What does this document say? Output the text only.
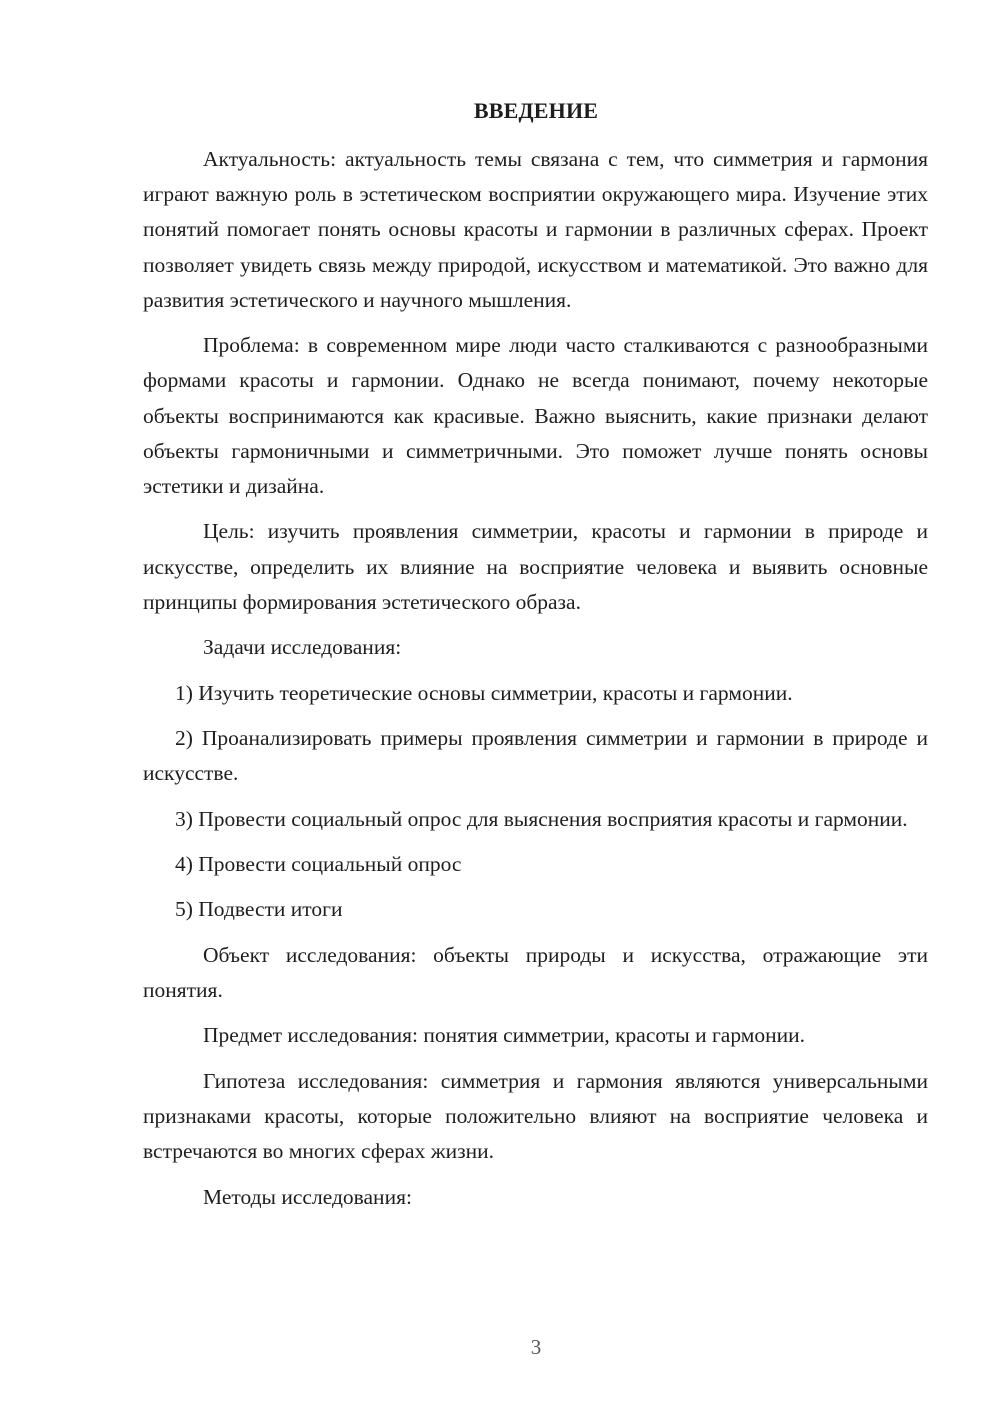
ВВЕДЕНИЕ

Актуальность: актуальность темы связана с тем, что симметрия и гармония играют важную роль в эстетическом восприятии окружающего мира. Изучение этих понятий помогает понять основы красоты и гармонии в различных сферах. Проект позволяет увидеть связь между природой, искусством и математикой. Это важно для развития эстетического и научного мышления.

Проблема: в современном мире люди часто сталкиваются с разнообразными формами красоты и гармонии. Однако не всегда понимают, почему некоторые объекты воспринимаются как красивые. Важно выяснить, какие признаки делают объекты гармоничными и симметричными. Это поможет лучше понять основы эстетики и дизайна.

Цель: изучить проявления симметрии, красоты и гармонии в природе и искусстве, определить их влияние на восприятие человека и выявить основные принципы формирования эстетического образа.

Задачи исследования:

1) Изучить теоретические основы симметрии, красоты и гармонии.

2) Проанализировать примеры проявления симметрии и гармонии в природе и искусстве.

3) Провести социальный опрос для выяснения восприятия красоты и гармонии.

4) Провести социальный опрос

5) Подвести итоги

Объект исследования: объекты природы и искусства, отражающие эти понятия.

Предмет исследования: понятия симметрии, красоты и гармонии.

Гипотеза исследования: симметрия и гармония являются универсальными признаками красоты, которые положительно влияют на восприятие человека и встречаются во многих сферах жизни.

Методы исследования:

3
